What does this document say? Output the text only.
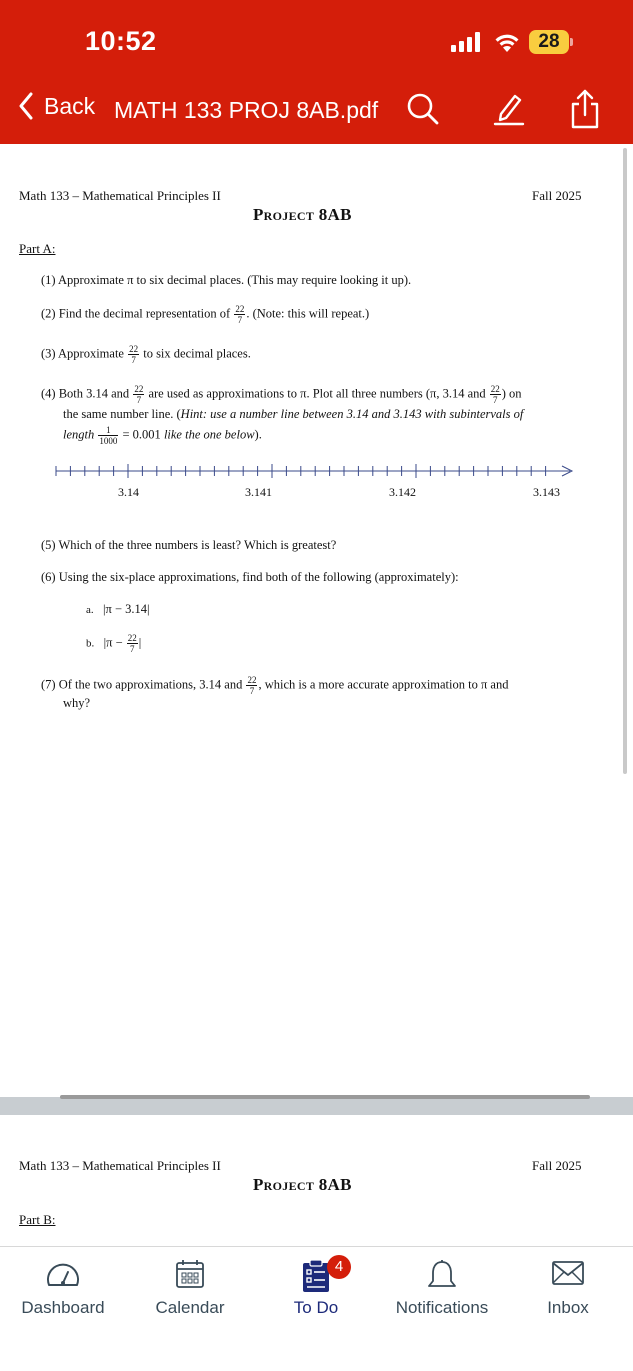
10:52	28
Back MATH 133 PROJ 8AB.pdf
Math 133 – Mathematical Principles II	Fall 2025
Project 8AB
Part A:
(1) Approximate π to six decimal places. (This may require looking it up).
(2) Find the decimal representation of $\frac{22}{7}$ . (Note: this will repeat.)
(3) Approximate $\frac{22}{7}$ to six decimal places.
(4) Both 3.14 and $\frac{22}{7}$ are used as approximations to π. Plot all three numbers (π, 3.14 and $\frac{22}{7}$ ) on
the same number line. (Hint: use a number line between 3.14 and 3.143 with subintervals of
length $\frac{1}{1000} = 0.001$ like the one below).
3.14	3.141	3.142	3.143
(5) Which of the three numbers is least? Which is greatest?
(6) Using the six-place approximations, find both of the following (approximately):
a. |π − 3.14|
b. $|\pi - \frac{22}{7}$ |
(7) Of the two approximations, 3.14 and $\frac{22}{7}$ , which is a more accurate approximation to π and
why?
Math 133 – Mathematical Principles II	Fall 2025
Project 8AB
Part B:
Dashboard	Calendar
4
To Do	Notifications	Inbox
